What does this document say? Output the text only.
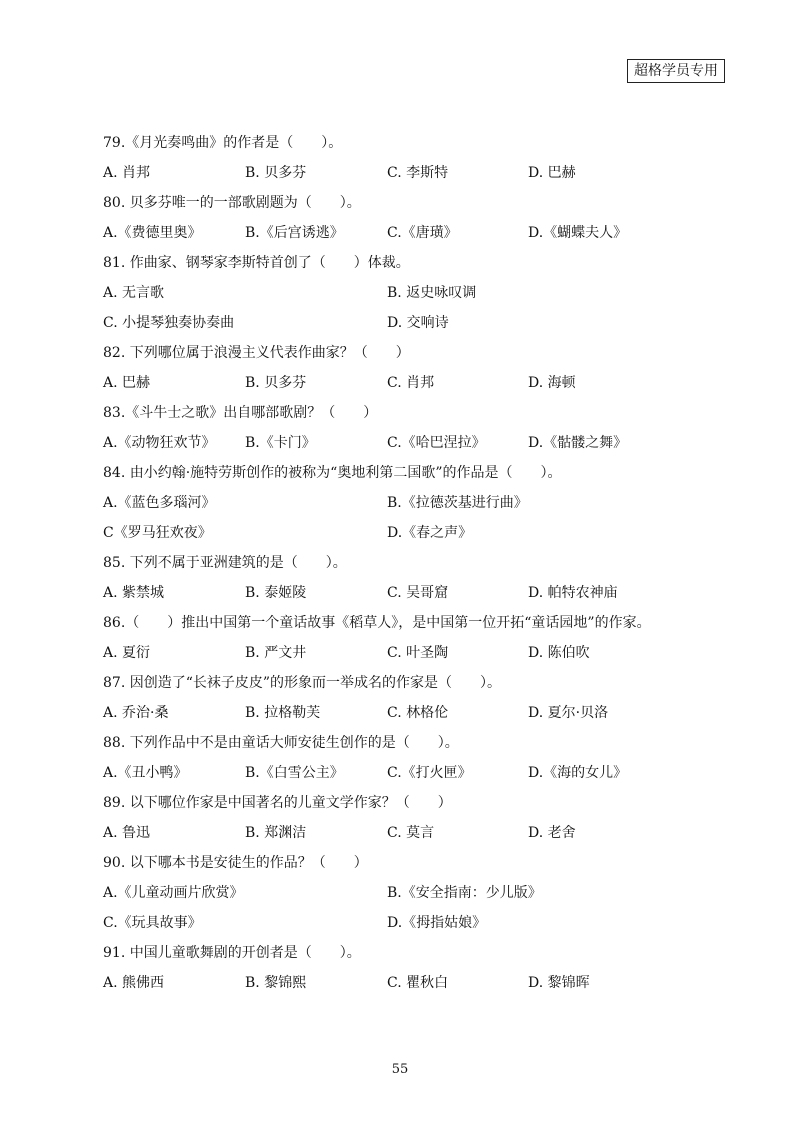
超格学员专用
79.《月光奏鸣曲》的作者是（　　）。
A. 肖邦	B. 贝多芬	C. 李斯特	D. 巴赫
80. 贝多芬唯一的一部歌剧题为（　　）。
A.《费德里奥》	B.《后宫诱逃》	C.《唐璜》	D.《蝴蝶夫人》
81. 作曲家、钢琴家李斯特首创了（　　）体裁。
A. 无言歌	B. 返史咏叹调
C. 小提琴独奏协奏曲	D. 交响诗
82. 下列哪位属于浪漫主义代表作曲家？（　　）
A. 巴赫	B. 贝多芬	C. 肖邦	D. 海顿
83.《斗牛士之歌》出自哪部歌剧？（　　）
A.《动物狂欢节》 B.《卡门》	C.《哈巴涅拉》	D.《骷髅之舞》
84. 由小约翰·施特劳斯创作的被称为“奥地利第二国歌”的作品是（　　）。
A.《蓝色多瑙河》	B.《拉德茨基进行曲》
C《罗马狂欢夜》	D.《春之声》
85. 下列不属于亚洲建筑的是（　　）。
A. 紫禁城	B. 泰姬陵	C. 吴哥窟	D. 帕特农神庙
86.（　　）推出中国第一个童话故事《稻草人》，是中国第一位开拓“童话园地”的作家。
A. 夏衍	B. 严文井	C. 叶圣陶	D. 陈伯吹
87. 因创造了“长袜子皮皮”的形象而一举成名的作家是（　　）。
A. 乔治·桑	B. 拉格勒芙	C. 林格伦	D. 夏尔·贝洛
88. 下列作品中不是由童话大师安徒生创作的是（　　）。
A.《丑小鸭》	B.《白雪公主》	C.《打火匣》	D.《海的女儿》
89. 以下哪位作家是中国著名的儿童文学作家？（　　）
A. 鲁迅	B. 郑渊洁	C. 莫言	D. 老舍
90. 以下哪本书是安徒生的作品？（　　）
A.《儿童动画片欣赏》	B.《安全指南：少儿版》
C.《玩具故事》	D.《拇指姑娘》
91. 中国儿童歌舞剧的开创者是（　　）。
A. 熊佛西	B. 黎锦熙	C. 瞿秋白	D. 黎锦晖
55
